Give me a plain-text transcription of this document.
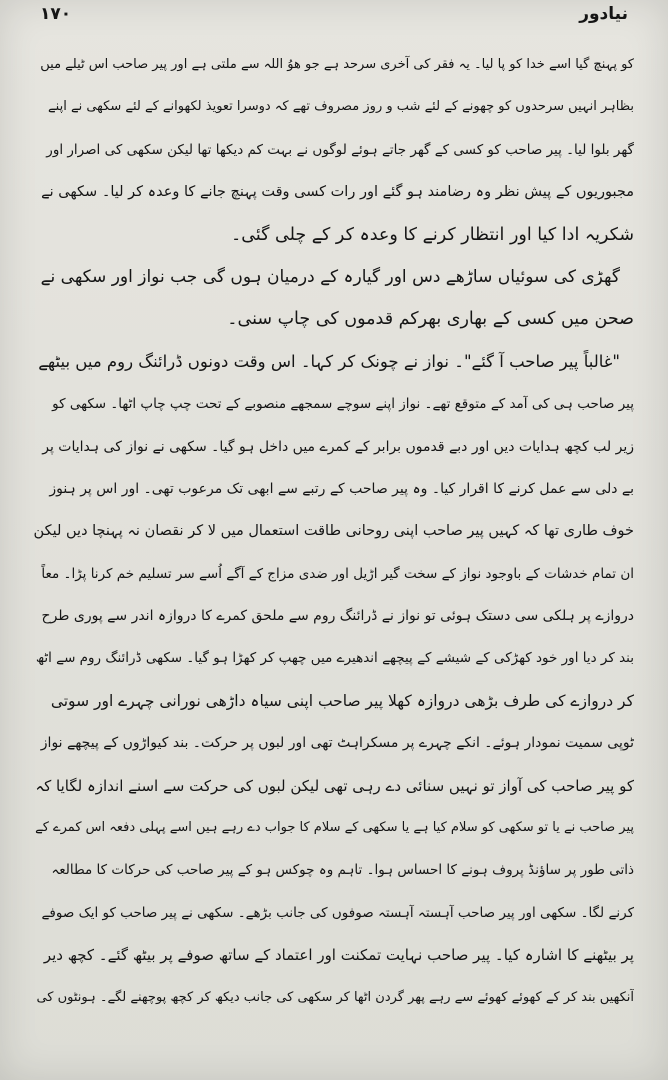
۱۷۰	نیادور
کو پہنچ گیا اسے خدا کو پا لیا۔ یہ فقر کی آخری سرحد ہے جو ھوُ اللہ سے ملتی ہے اور پیر صاحب اس ٹیلے میں
بظاہر انہیں سرحدوں کو چھونے کے لئے شب و روز مصروف تھے کہ دوسرا تعویذ لکھوانے کے لئے سکھی نے اپنے
گھر بلوا لیا۔ پیر صاحب کو کسی کے گھر جاتے ہوئے لوگوں نے بہت کم دیکھا تھا لیکن سکھی کی اصرار اور
مجبوریوں کے پیش نظر وہ رضامند ہو گئے اور رات کسی وقت پہنچ جانے کا وعدہ کر لیا۔ سکھی نے
شکریہ ادا کیا اور انتظار کرنے کا وعدہ کر کے چلی گئی۔
گھڑی کی سوئیاں ساڑھے دس اور گیارہ کے درمیان ہوں گی جب نواز اور سکھی نے
صحن میں کسی کے بھاری بھرکم قدموں کی چاپ سنی۔
"غالباً پیر صاحب آ گئے"۔ نواز نے چونک کر کہا۔ اس وقت دونوں ڈرائنگ روم میں بیٹھے
پیر صاحب ہی کی آمد کے متوقع تھے۔ نواز اپنے سوچے سمجھے منصوبے کے تحت چپ چاپ اٹھا۔ سکھی کو
زیر لب کچھ ہدایات دیں اور دبے قدموں برابر کے کمرے میں داخل ہو گیا۔ سکھی نے نواز کی ہدایات پر
بے دلی سے عمل کرنے کا اقرار کیا۔ وہ پیر صاحب کے رتبے سے ابھی تک مرعوب تھی۔ اور اس پر ہنوز
خوف طاری تھا کہ کہیں پیر صاحب اپنی روحانی طاقت استعمال میں لا کر نقصان نہ پہنچا دیں لیکن
ان تمام خدشات کے باوجود نواز کے سخت گیر اڑیل اور ضدی مزاج کے آگے اُسے سر تسلیم خم کرنا پڑا۔ معاً
دروازے پر ہلکی سی دستک ہوئی تو نواز نے ڈرائنگ روم سے ملحق کمرے کا دروازہ اندر سے پوری طرح
بند کر دیا اور خود کھڑکی کے شیشے کے پیچھے اندھیرے میں چھپ کر کھڑا ہو گیا۔ سکھی ڈرائنگ روم سے اٹھ
کر دروازے کی طرف بڑھی دروازہ کھلا پیر صاحب اپنی سیاہ داڑھی نورانی چہرے اور سوتی
ٹوپی سمیت نمودار ہوئے۔ انکے چہرے پر مسکراہٹ تھی اور لبوں پر حرکت۔ بند کیواڑوں کے پیچھے نواز
کو پیر صاحب کی آواز تو نہیں سنائی دے رہی تھی لیکن لبوں کی حرکت سے اسنے اندازہ لگایا کہ
پیر صاحب نے یا تو سکھی کو سلام کیا ہے یا سکھی کے سلام کا جواب دے رہے ہیں اسے پہلی دفعہ اس کمرے کے
ذاتی طور پر ساؤنڈ پروف ہونے کا احساس ہوا۔ تاہم وہ چوکس ہو کے پیر صاحب کی حرکات کا مطالعہ
کرنے لگا۔ سکھی اور پیر صاحب آہستہ آہستہ صوفوں کی جانب بڑھے۔ سکھی نے پیر صاحب کو ایک صوفے
پر بیٹھنے کا اشارہ کیا۔ پیر صاحب نہایت تمکنت اور اعتماد کے ساتھ صوفے پر بیٹھ گئے۔ کچھ دیر
آنکھیں بند کر کے کھوئے کھوئے سے رہے پھر گردن اٹھا کر سکھی کی جانب دیکھ کر کچھ پوچھنے لگے۔ ہونٹوں کی
